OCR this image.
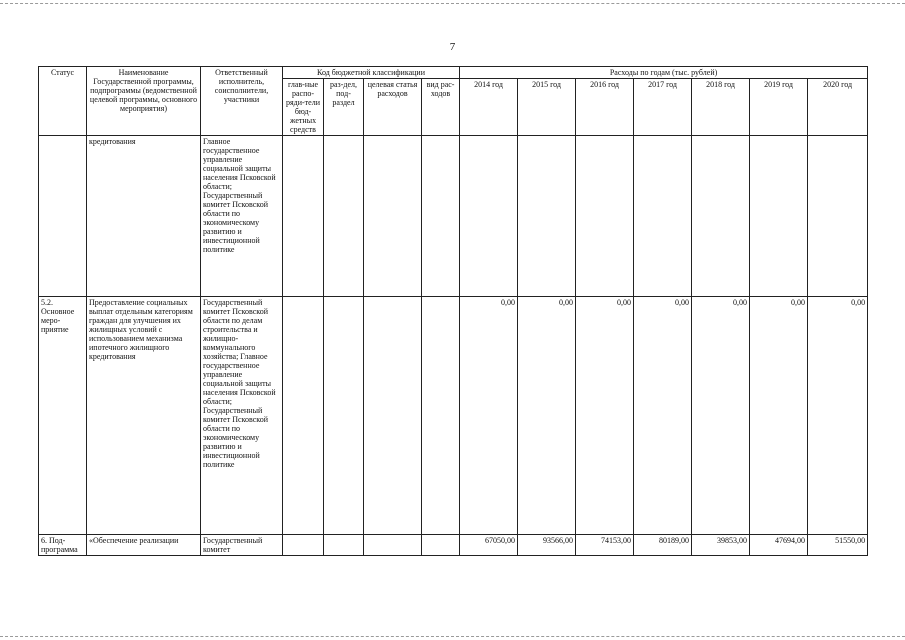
7
Статус	Наименование Государственной программы, подпрограммы (ведомственной целевой программы, основного мероприятия)	Ответственный исполнитель, соисполнители, участники	Код бюджетной классификации				Расходы по годам (тыс. рублей)						
			глав-ные распо-ряди-тели бюд-жетных средств	раз-дел, под-раздел	целевая статья расходов	вид рас-ходов	2014 год	2015 год	2016 год	2017 год	2018 год	2019 год	2020 год
	кредитования	Главное государственное управление социальной защиты населения Псковской области; Государственный комитет Псковской области по экономическому развитию и инвестиционной политике											
5.2. Основное меро-приятие	Предоставление социальных выплат отдельным категориям граждан для улучшения их жилищных условий с использованием механизма ипотечного жилищного кредитования	Государственный комитет Псковской области по делам строительства и жилищно-коммунального хозяйства; Главное государственное управление социальной защиты населения Псковской области; Государственный комитет Псковской области по экономическому развитию и инвестиционной политике					0,00	0,00	0,00	0,00	0,00	0,00	0,00
6. Под-программа	«Обеспечение реализации	Государственный комитет					67050,00	93566,00	74153,00	80189,00	39853,00	47694,00	51550,00
